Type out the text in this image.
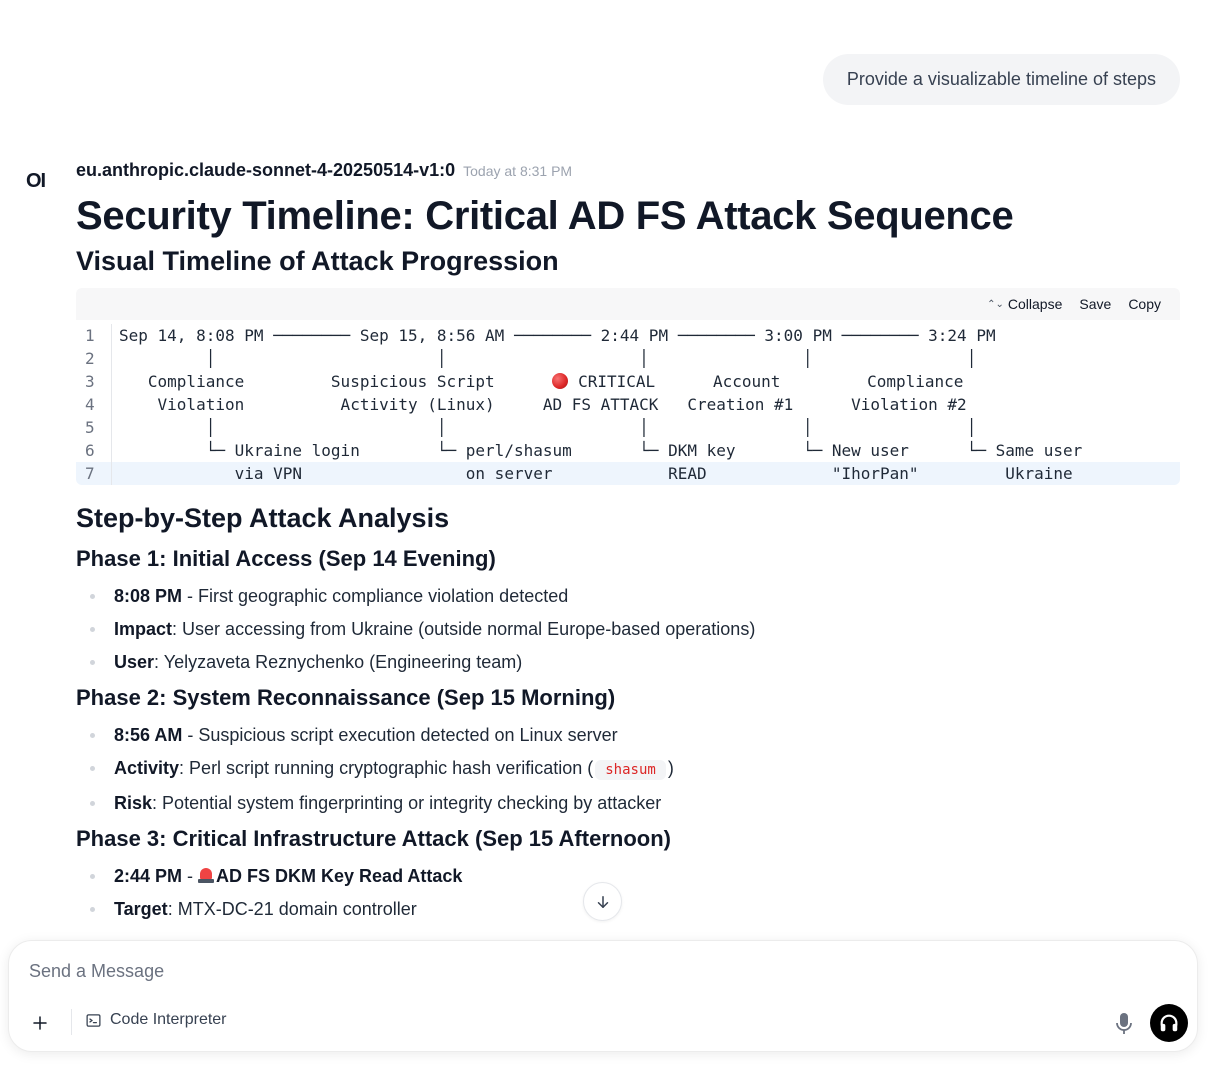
Provide a visualizable timeline of steps
OI eu.anthropic.claude-sonnet-4-20250514-v1:0 Today at 8:31 PM
Security Timeline: Critical AD FS Attack Sequence
Visual Timeline of Attack Progression
⌃⌄ Collapse Save Copy
1	Sep 14, 8:08 PM ──────── Sep 15, 8:56 AM ──────── 2:44 PM ──────── 3:00 PM ──────── 3:24 PM
2	│                       │                    │                │                │
3	Compliance         Suspicious Script       CRITICAL      Account         Compliance
4	Violation          Activity (Linux)     AD FS ATTACK   Creation #1      Violation #2
5	│                       │                    │                │                │
6	└─ Ukraine login        └─ perl/shasum       └─ DKM key       └─ New user      └─ Same user
7	via VPN                 on server            READ             "IhorPan"         Ukraine
Step-by-Step Attack Analysis
Phase 1: Initial Access (Sep 14 Evening)
8:08 PM - First geographic compliance violation detected
Impact: User accessing from Ukraine (outside normal Europe-based operations)
User: Yelyzaveta Reznychenko (Engineering team)
Phase 2: System Reconnaissance (Sep 15 Morning)
8:56 AM - Suspicious script execution detected on Linux server
Activity: Perl script running cryptographic hash verification ( shasum )
Risk: Potential system fingerprinting or integrity checking by attacker
Phase 3: Critical Infrastructure Attack (Sep 15 Afternoon)
2:44 PM - AD FS DKM Key Read Attack
Target: MTX-DC-21 domain controller
Send a Message
Code Interpreter
